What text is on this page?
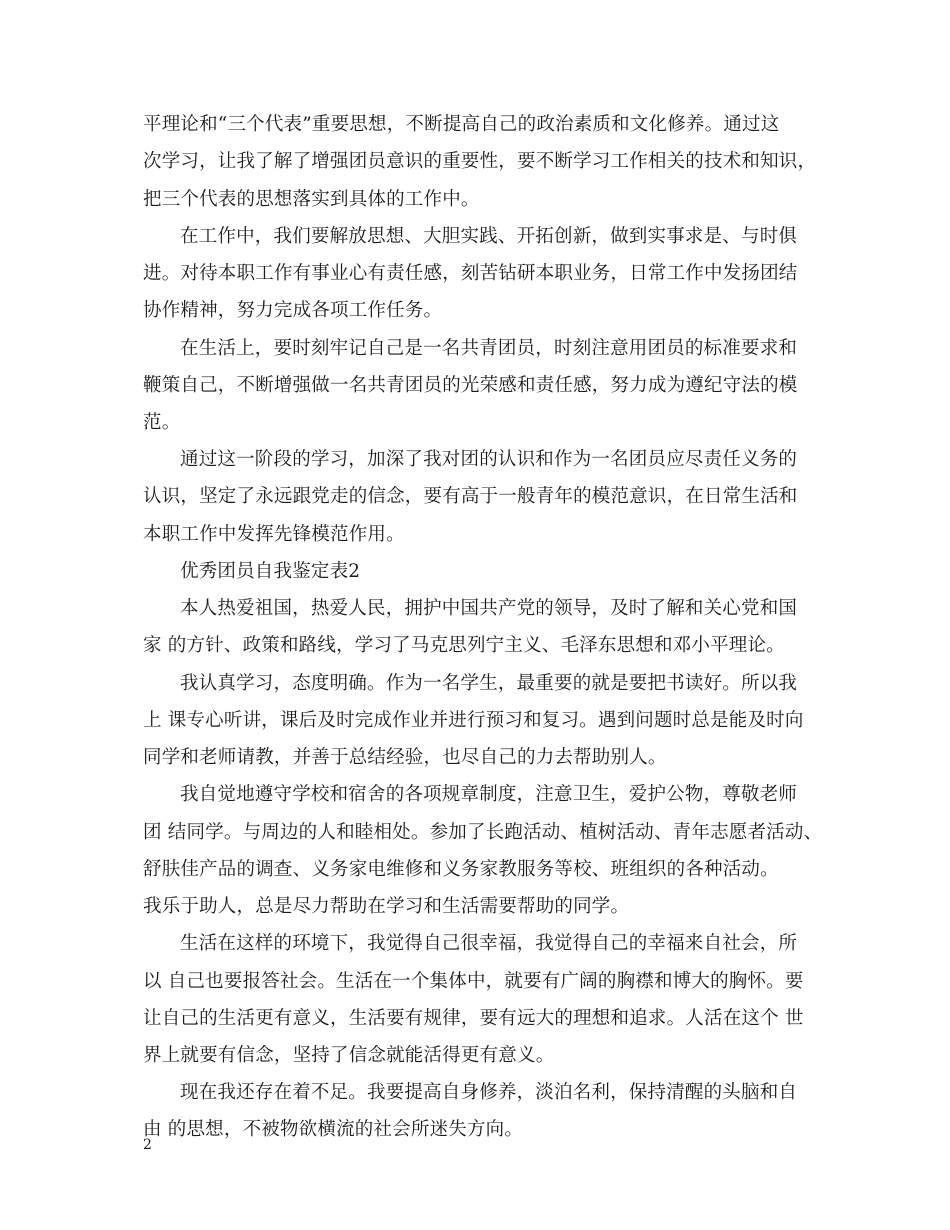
平理论和“三个代表”重要思想，不断提高自己的政治素质和文化修养。通过这
次学习，让我了解了增强团员意识的重要性，要不断学习工作相关的技术和知识，
把三个代表的思想落实到具体的工作中。
在工作中，我们要解放思想、大胆实践、开拓创新，做到实事求是、与时俱
进。对待本职工作有事业心有责任感，刻苦钻研本职业务，日常工作中发扬团结
协作精神，努力完成各项工作任务。
在生活上，要时刻牢记自己是一名共青团员，时刻注意用团员的标准要求和
鞭策自己，不断增强做一名共青团员的光荣感和责任感，努力成为遵纪守法的模
范。
通过这一阶段的学习，加深了我对团的认识和作为一名团员应尽责任义务的
认识，坚定了永远跟党走的信念，要有高于一般青年的模范意识，在日常生活和
本职工作中发挥先锋模范作用。
优秀团员自我鉴定表2
本人热爱祖国，热爱人民，拥护中国共产党的领导，及时了解和关心党和国
家 的方针、政策和路线，学习了马克思列宁主义、毛泽东思想和邓小平理论。
我认真学习，态度明确。作为一名学生，最重要的就是要把书读好。所以我
上 课专心听讲，课后及时完成作业并进行预习和复习。遇到问题时总是能及时向
同学和老师请教，并善于总结经验，也尽自己的力去帮助别人。
我自觉地遵守学校和宿舍的各项规章制度，注意卫生，爱护公物，尊敬老师
团 结同学。与周边的人和睦相处。参加了长跑活动、植树活动、青年志愿者活动、
舒肤佳产品的调查、义务家电维修和义务家教服务等校、班组织的各种活动。
我乐于助人，总是尽力帮助在学习和生活需要帮助的同学。
生活在这样的环境下，我觉得自己很幸福，我觉得自己的幸福来自社会，所
以 自己也要报答社会。生活在一个集体中，就要有广阔的胸襟和博大的胸怀。要
让自己的生活更有意义，生活要有规律，要有远大的理想和追求。人活在这个 世
界上就要有信念，坚持了信念就能活得更有意义。
现在我还存在着不足。我要提高自身修养，淡泊名利，保持清醒的头脑和自
由 的思想，不被物欲横流的社会所迷失方向。
2
